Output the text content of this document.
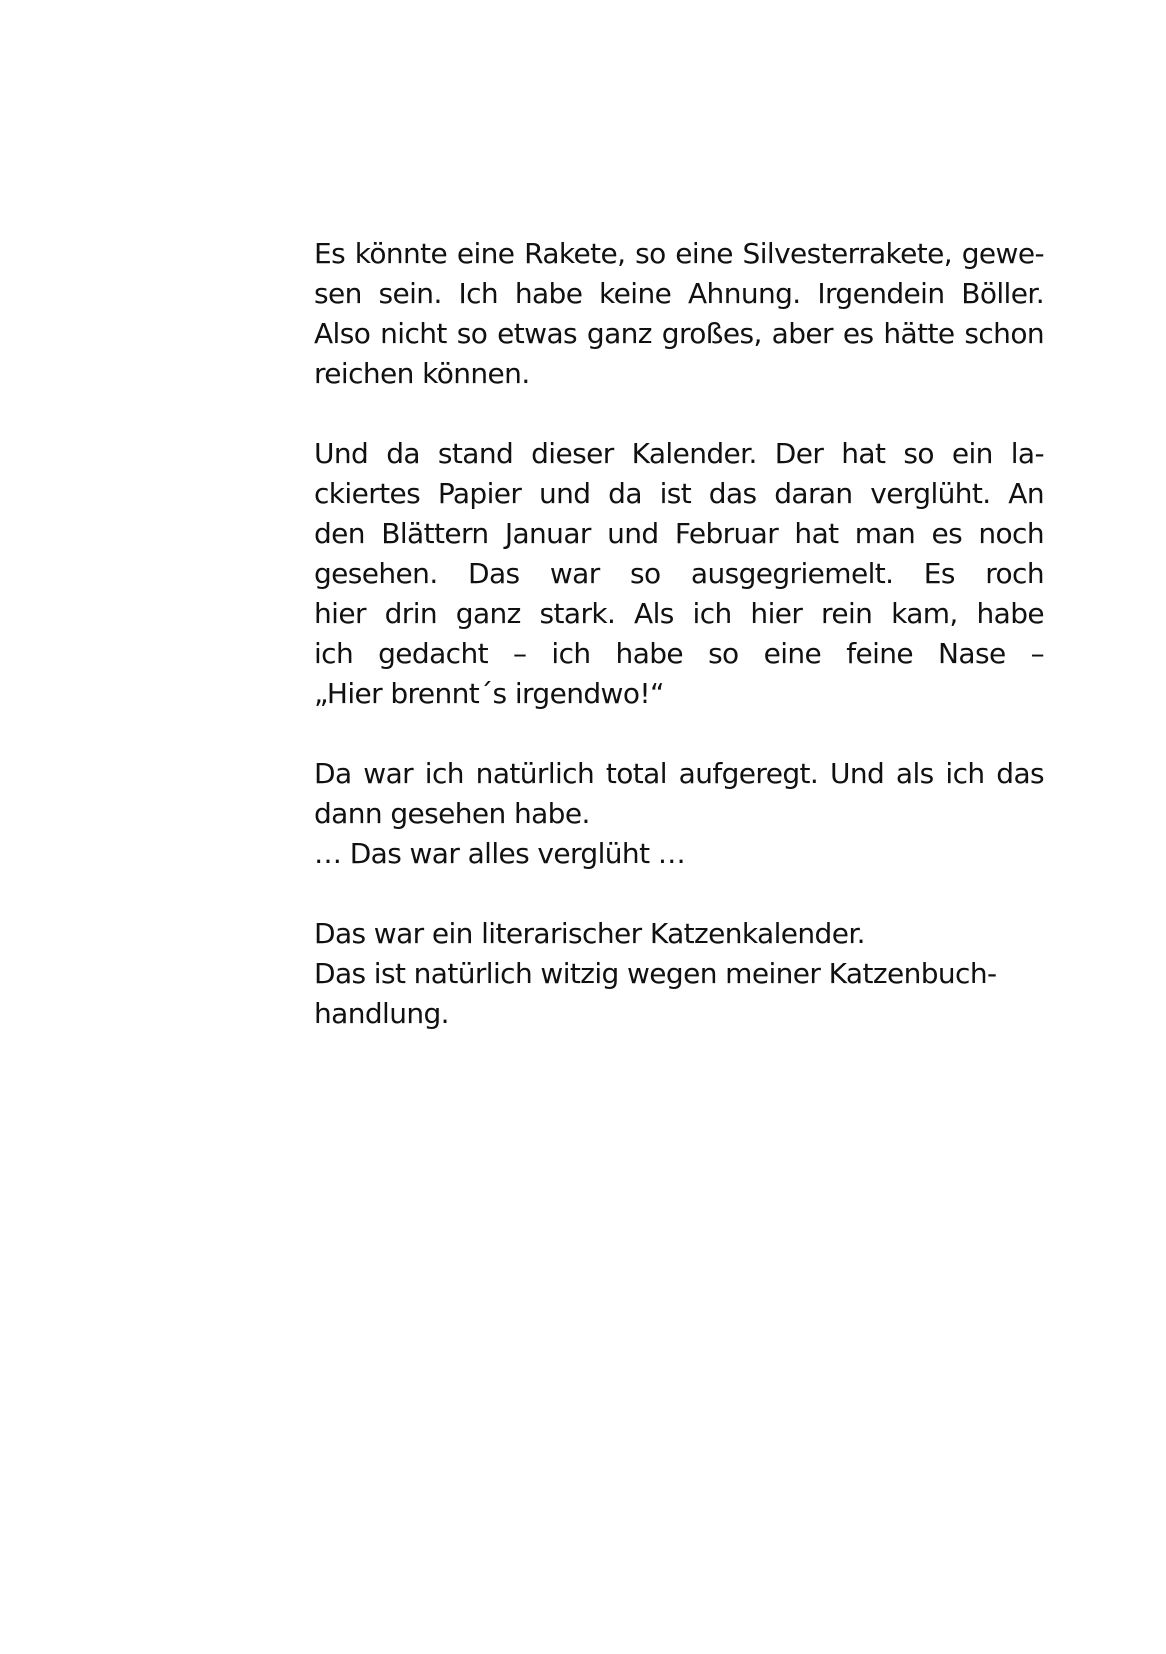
Es könnte eine Rakete, so eine Silvesterrakete, gewe-
sen sein. Ich habe keine Ahnung. Irgendein Böller.
Also nicht so etwas ganz großes, aber es hätte schon
reichen können.
Und da stand dieser Kalender. Der hat so ein la-
ckiertes Papier und da ist das daran verglüht. An
den Blättern Januar und Februar hat man es noch
gesehen. Das war so ausgegriemelt. Es roch
hier drin ganz stark. Als ich hier rein kam, habe
ich gedacht – ich habe so eine feine Nase –
„Hier brennt´s irgendwo!“
Da war ich natürlich total aufgeregt. Und als ich das
dann gesehen habe.
… Das war alles verglüht …
Das war ein literarischer Katzenkalender.
Das ist natürlich witzig wegen meiner Katzenbuch-
handlung.
